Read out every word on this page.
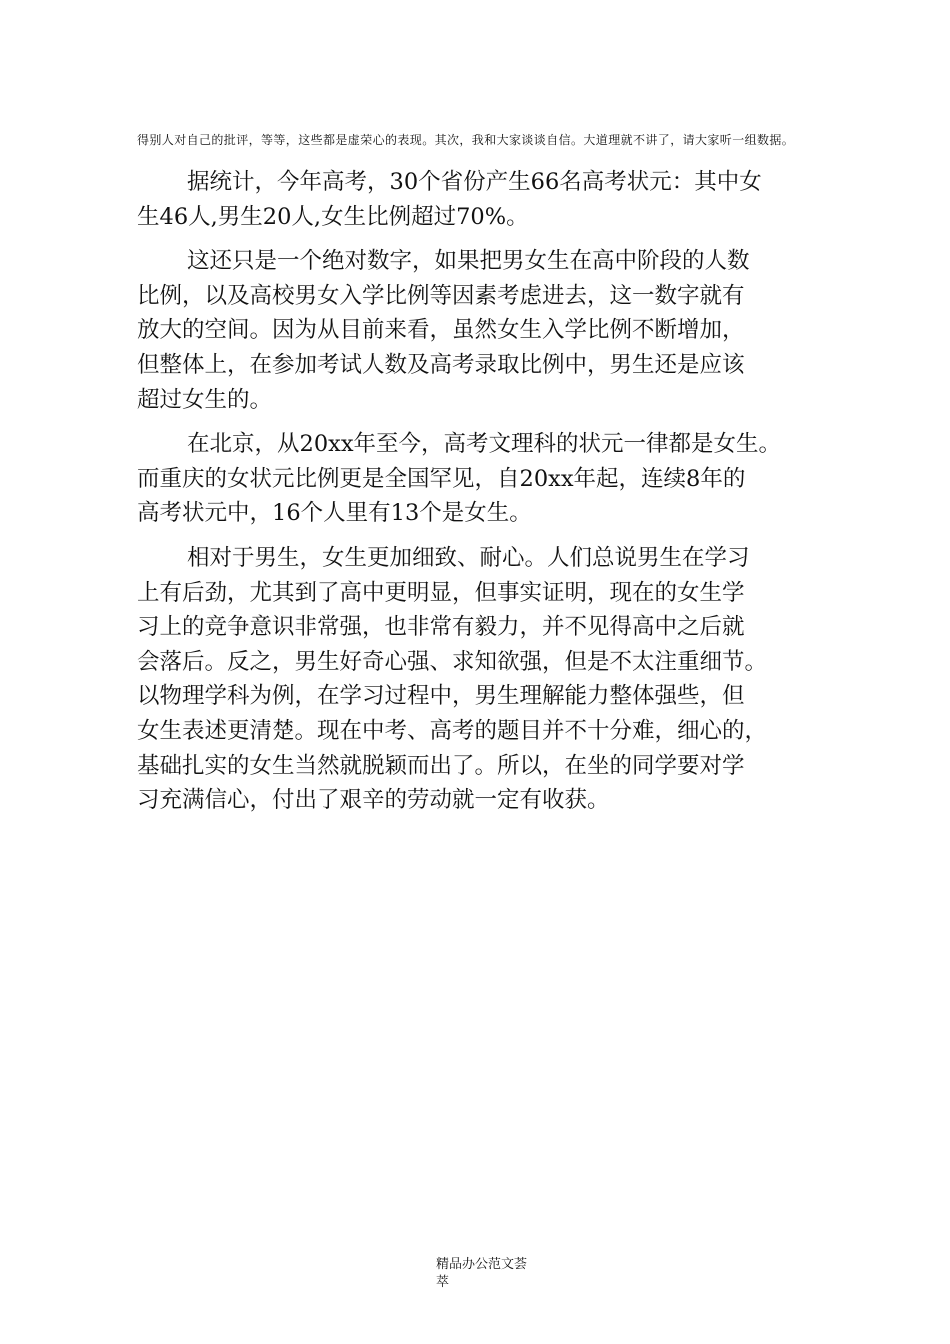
得别人对自己的批评，等等，这些都是虚荣心的表现。其次，我和大家谈谈自信。大道理就不讲了，请大家听一组数据。
据统计，今年高考，30个省份产生66名高考状元：其中女
生46人,男生20人,女生比例超过70%。
这还只是一个绝对数字，如果把男女生在高中阶段的人数
比例，以及高校男女入学比例等因素考虑进去，这一数字就有
放大的空间。因为从目前来看，虽然女生入学比例不断增加，
但整体上，在参加考试人数及高考录取比例中，男生还是应该
超过女生的。
在北京，从20xx年至今，高考文理科的状元一律都是女生。
而重庆的女状元比例更是全国罕见，自20xx年起，连续8年的
高考状元中，16个人里有13个是女生。
相对于男生，女生更加细致、耐心。人们总说男生在学习
上有后劲，尤其到了高中更明显，但事实证明，现在的女生学
习上的竞争意识非常强，也非常有毅力，并不见得高中之后就
会落后。反之，男生好奇心强、求知欲强，但是不太注重细节。
以物理学科为例，在学习过程中，男生理解能力整体强些，但
女生表述更清楚。现在中考、高考的题目并不十分难，细心的，
基础扎实的女生当然就脱颖而出了。所以，在坐的同学要对学
习充满信心，付出了艰辛的劳动就一定有收获。
精品办公范文荟
萃
